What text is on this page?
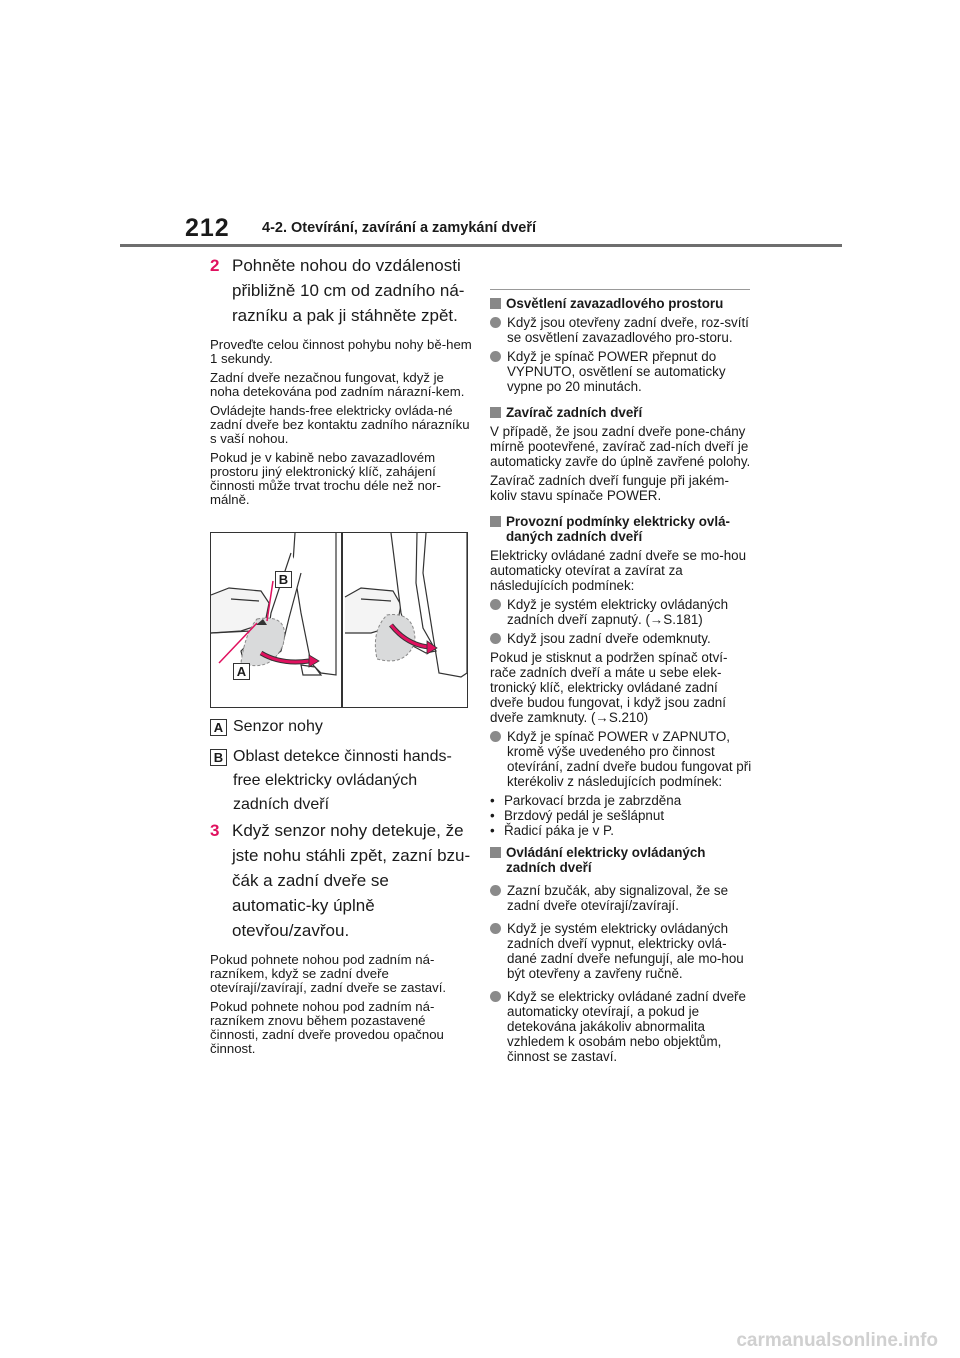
212 4-2. Otevírání, zavírání a zamykání dveří
2 Pohněte nohou do vzdálenosti přibližně 10 cm od zadního ná-razníku a pak ji stáhněte zpět.

Proveďte celou činnost pohybu nohy bě-hem 1 sekundy.

Zadní dveře nezačnou fungovat, když je noha detekována pod zadním nárazní-kem.

Ovládejte hands-free elektricky ovláda-né zadní dveře bez kontaktu zadního nárazníku s vaší nohou.

Pokud je v kabině nebo zavazadlovém prostoru jiný elektronický klíč, zahájení činnosti může trvat trochu déle než nor-málně.

B
A
A Senzor nohy
B Oblast detekce činnosti hands-free elektricky ovládaných zadních dveří
3 Když senzor nohy detekuje, že jste nohu stáhli zpět, zazní bzu-čák a zadní dveře se automatic-ky úplně otevřou/zavřou.

Pokud pohnete nohou pod zadním ná-razníkem, když se zadní dveře otevírají/zavírají, zadní dveře se zastaví.

Pokud pohnete nohou pod zadním ná-razníkem znovu během pozastavené činnosti, zadní dveře provedou opačnou činnost.

Osvětlení zavazadlového prostoru
Když jsou otevřeny zadní dveře, roz-svítí se osvětlení zavazadlového pro-storu.
Když je spínač POWER přepnut do VYPNUTO, osvětlení se automaticky vypne po 20 minutách.
Zavírač zadních dveří

V případě, že jsou zadní dveře pone-chány mírně pootevřené, zavírač zad-ních dveří je automaticky zavře do úplně zavřené polohy.

Zavírač zadních dveří funguje při jakém-koliv stavu spínače POWER.

Provozní podmínky elektricky ovlá-daných zadních dveří

Elektricky ovládané zadní dveře se mo-hou automaticky otevírat a zavírat za následujících podmínek:

Když je systém elektricky ovládaných zadních dveří zapnutý. (→S.181)
Když jsou zadní dveře odemknuty.

Pokud je stisknut a podržen spínač otví-rače zadních dveří a máte u sebe elek-tronický klíč, elektricky ovládané zadní dveře budou fungovat, i když jsou zadní dveře zamknuty. (→S.210)

Když je spínač POWER v ZAPNUTO, kromě výše uvedeného pro činnost otevírání, zadní dveře budou fungovat při kterékoliv z následujících podmínek:
• Parkovací brzda je zabrzděna
• Brzdový pedál je sešlápnut
• Řadicí páka je v P.
Ovládání elektricky ovládaných zadních dveří
Zazní bzučák, aby signalizoval, že se zadní dveře otevírají/zavírají.
Když je systém elektricky ovládaných zadních dveří vypnut, elektricky ovlá-dané zadní dveře nefungují, ale mo-hou být otevřeny a zavřeny ručně.
Když se elektricky ovládané zadní dveře automaticky otevírají, a pokud je detekována jakákoliv abnormalita vzhledem k osobám nebo objektům, činnost se zastaví.
carmanualsonline.info
